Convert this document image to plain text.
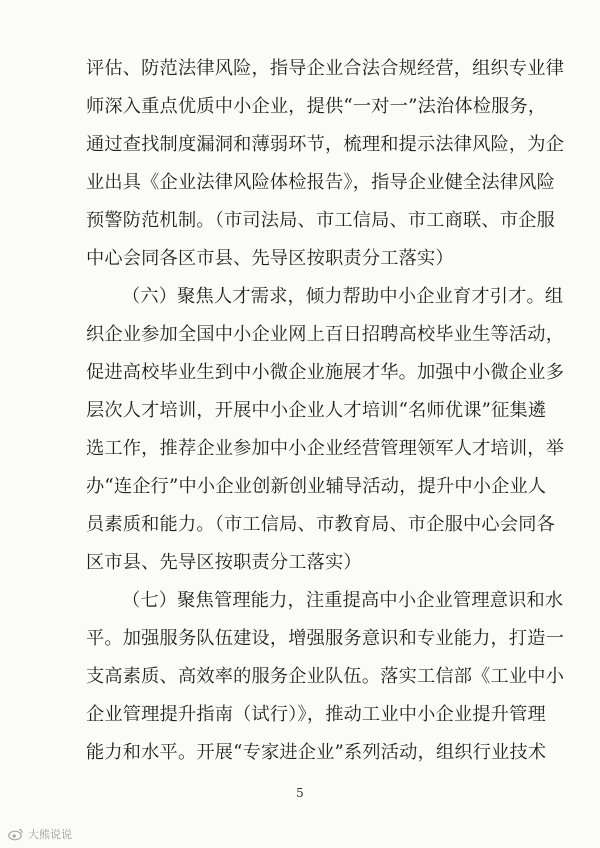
评估、防范法律风险，指导企业合法合规经营，组织专业律
师深入重点优质中小企业，提供“一对一”法治体检服务，
通过查找制度漏洞和薄弱环节，梳理和提示法律风险，为企
业出具《企业法律风险体检报告》，指导企业健全法律风险
预警防范机制。（市司法局、市工信局、市工商联、市企服
中心会同各区市县、先导区按职责分工落实）
（六）聚焦人才需求，倾力帮助中小企业育才引才。组
织企业参加全国中小企业网上百日招聘高校毕业生等活动，
促进高校毕业生到中小微企业施展才华。加强中小微企业多
层次人才培训，开展中小企业人才培训“名师优课”征集遴
选工作，推荐企业参加中小企业经营管理领军人才培训，举
办“连企行”中小企业创新创业辅导活动，提升中小企业人
员素质和能力。（市工信局、市教育局、市企服中心会同各
区市县、先导区按职责分工落实）
（七）聚焦管理能力，注重提高中小企业管理意识和水
平。加强服务队伍建设，增强服务意识和专业能力，打造一
支高素质、高效率的服务企业队伍。落实工信部《工业中小
企业管理提升指南（试行）》，推动工业中小企业提升管理
能力和水平。开展“专家进企业”系列活动，组织行业技术
5
大熊说说
